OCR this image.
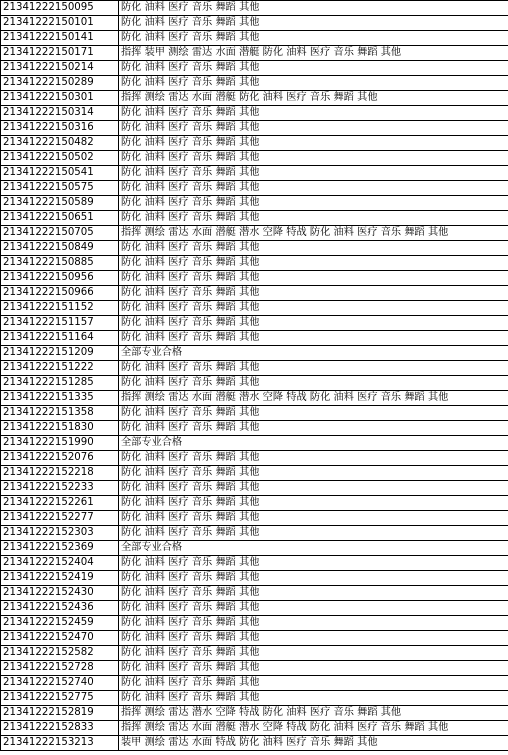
21341222150095	防化 油料 医疗 音乐 舞蹈 其他
21341222150101	防化 油料 医疗 音乐 舞蹈 其他
21341222150141	防化 油料 医疗 音乐 舞蹈 其他
21341222150171	指挥 装甲 测绘 雷达 水面 潜艇 防化 油料 医疗 音乐 舞蹈 其他
21341222150214	防化 油料 医疗 音乐 舞蹈 其他
21341222150289	防化 油料 医疗 音乐 舞蹈 其他
21341222150301	指挥 测绘 雷达 水面 潜艇 防化 油料 医疗 音乐 舞蹈 其他
21341222150314	防化 油料 医疗 音乐 舞蹈 其他
21341222150316	防化 油料 医疗 音乐 舞蹈 其他
21341222150482	防化 油料 医疗 音乐 舞蹈 其他
21341222150502	防化 油料 医疗 音乐 舞蹈 其他
21341222150541	防化 油料 医疗 音乐 舞蹈 其他
21341222150575	防化 油料 医疗 音乐 舞蹈 其他
21341222150589	防化 油料 医疗 音乐 舞蹈 其他
21341222150651	防化 油料 医疗 音乐 舞蹈 其他
21341222150705	指挥 测绘 雷达 水面 潜艇 潜水 空降 特战 防化 油料 医疗 音乐 舞蹈 其他
21341222150849	防化 油料 医疗 音乐 舞蹈 其他
21341222150885	防化 油料 医疗 音乐 舞蹈 其他
21341222150956	防化 油料 医疗 音乐 舞蹈 其他
21341222150966	防化 油料 医疗 音乐 舞蹈 其他
21341222151152	防化 油料 医疗 音乐 舞蹈 其他
21341222151157	防化 油料 医疗 音乐 舞蹈 其他
21341222151164	防化 油料 医疗 音乐 舞蹈 其他
21341222151209	全部专业合格
21341222151222	防化 油料 医疗 音乐 舞蹈 其他
21341222151285	防化 油料 医疗 音乐 舞蹈 其他
21341222151335	指挥 测绘 雷达 水面 潜艇 潜水 空降 特战 防化 油料 医疗 音乐 舞蹈 其他
21341222151358	防化 油料 医疗 音乐 舞蹈 其他
21341222151830	防化 油料 医疗 音乐 舞蹈 其他
21341222151990	全部专业合格
21341222152076	防化 油料 医疗 音乐 舞蹈 其他
21341222152218	防化 油料 医疗 音乐 舞蹈 其他
21341222152233	防化 油料 医疗 音乐 舞蹈 其他
21341222152261	防化 油料 医疗 音乐 舞蹈 其他
21341222152277	防化 油料 医疗 音乐 舞蹈 其他
21341222152303	防化 油料 医疗 音乐 舞蹈 其他
21341222152369	全部专业合格
21341222152404	防化 油料 医疗 音乐 舞蹈 其他
21341222152419	防化 油料 医疗 音乐 舞蹈 其他
21341222152430	防化 油料 医疗 音乐 舞蹈 其他
21341222152436	防化 油料 医疗 音乐 舞蹈 其他
21341222152459	防化 油料 医疗 音乐 舞蹈 其他
21341222152470	防化 油料 医疗 音乐 舞蹈 其他
21341222152582	防化 油料 医疗 音乐 舞蹈 其他
21341222152728	防化 油料 医疗 音乐 舞蹈 其他
21341222152740	防化 油料 医疗 音乐 舞蹈 其他
21341222152775	防化 油料 医疗 音乐 舞蹈 其他
21341222152819	指挥 测绘 雷达 潜水 空降 特战 防化 油料 医疗 音乐 舞蹈 其他
21341222152833	指挥 测绘 雷达 水面 潜艇 潜水 空降 特战 防化 油料 医疗 音乐 舞蹈 其他
21341222153213	装甲 测绘 雷达 水面 特战 防化 油料 医疗 音乐 舞蹈 其他
